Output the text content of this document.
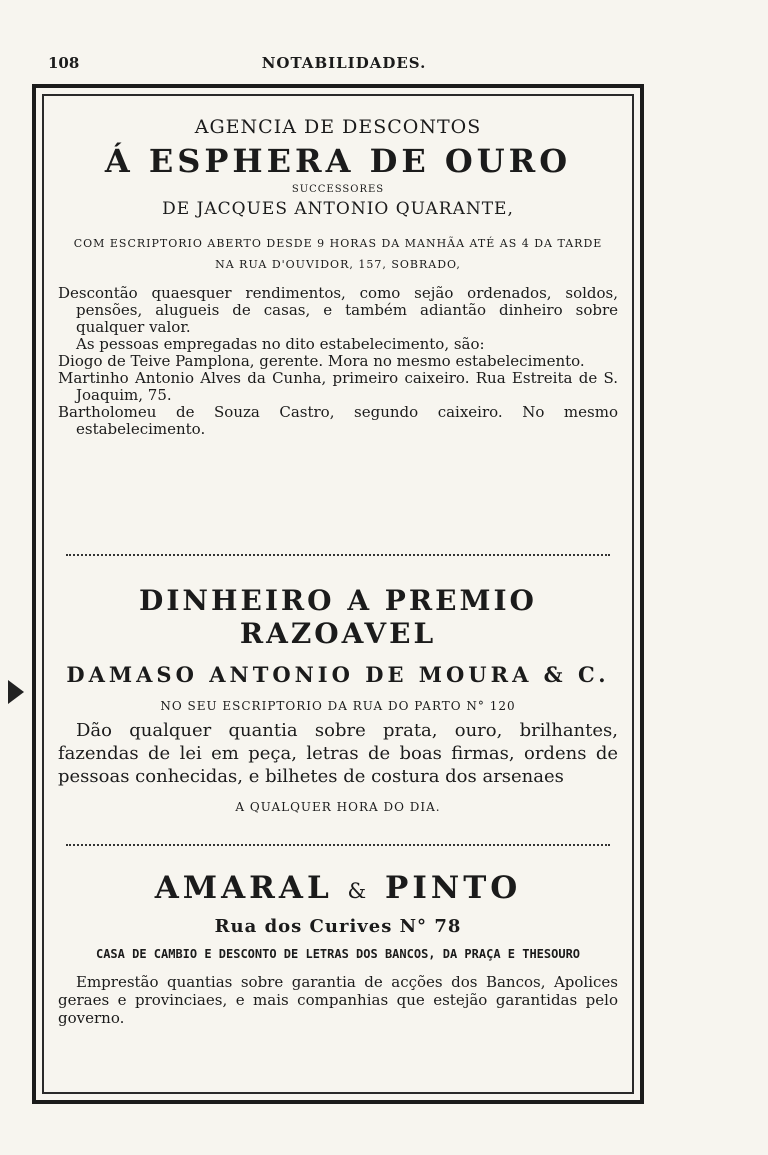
108	NOTABILIDADES.
AGENCIA DE DESCONTOS
Á ESPHERA DE OURO
SUCCESSORES
DE JACQUES ANTONIO QUARANTE,
COM ESCRIPTORIO ABERTO DESDE 9 HORAS DA MANHÃA ATÉ AS 4 DA TARDE
NA RUA D'OUVIDOR, 157, SOBRADO,

Descontão quaesquer rendimentos, como sejão ordenados, soldos, pensões, alugueis de casas, e também adiantão dinheiro sobre qualquer valor.

As pessoas empregadas no dito estabelecimento, são:

Diogo de Teive Pamplona, gerente. Mora no mesmo estabelecimento.

Martinho Antonio Alves da Cunha, primeiro caixeiro. Rua Estreita de S. Joaquim, 75.

Bartholomeu de Souza Castro, segundo caixeiro. No mesmo estabelecimento.

DINHEIRO A PREMIO RAZOAVEL
DAMASO ANTONIO DE MOURA & C.
NO SEU ESCRIPTORIO DA RUA DO PARTO N° 120

Dão qualquer quantia sobre prata, ouro, brilhantes, fazendas de lei em peça, letras de boas firmas, ordens de pessoas conhecidas, e bilhetes de costura dos arsenaes

A QUALQUER HORA DO DIA.
AMARAL & PINTO
Rua dos Curives N° 78
CASA DE CAMBIO E DESCONTO DE LETRAS DOS BANCOS, DA PRAÇA E THESOURO

Emprestão quantias sobre garantia de acções dos Bancos, Apolices geraes e provinciaes, e mais companhias que estejão garantidas pelo governo.
